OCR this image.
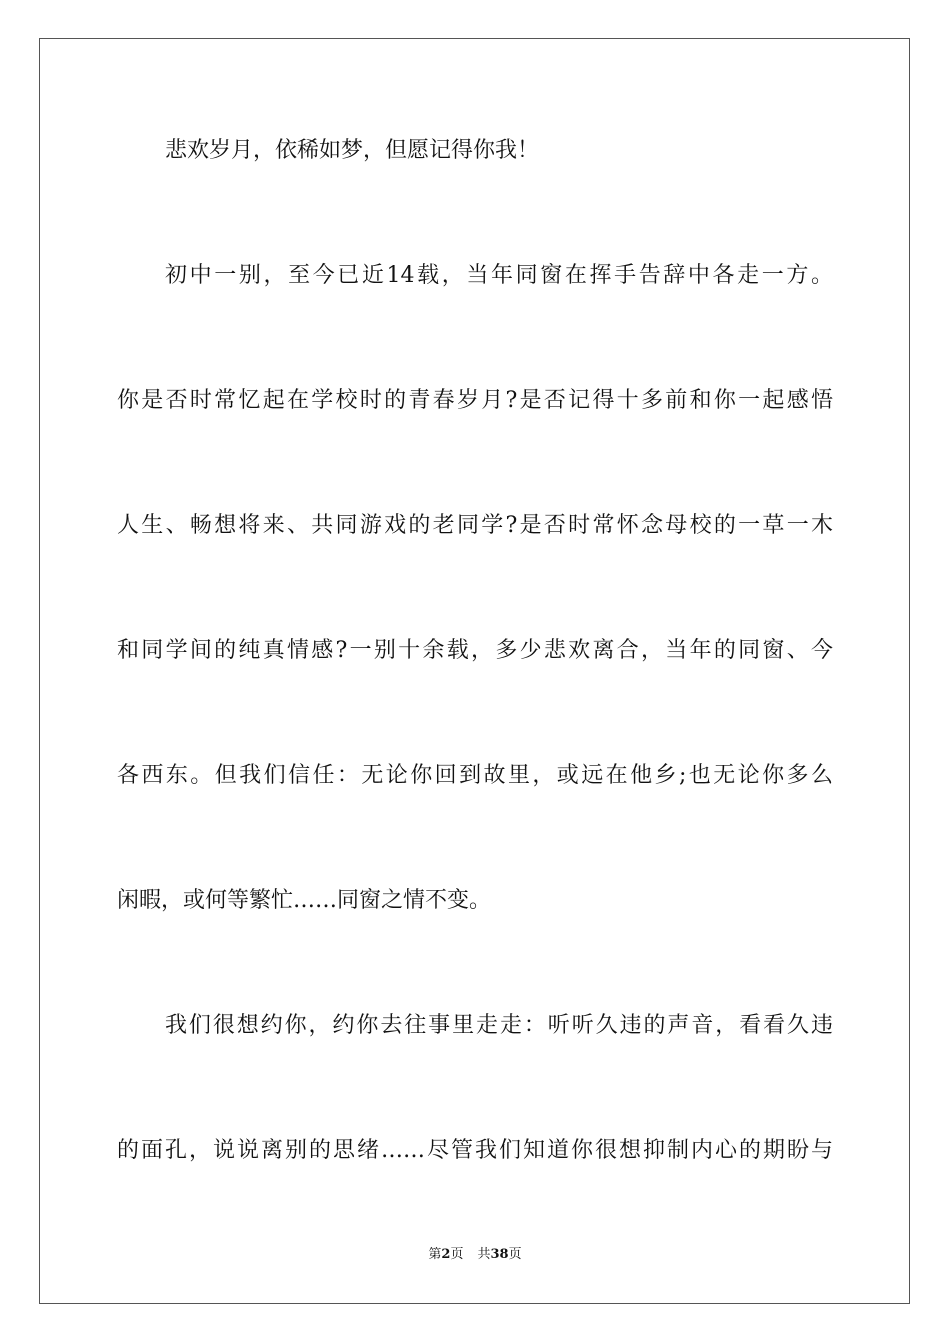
悲欢岁月，依稀如梦，但愿记得你我！
初中一别，至今已近14载，当年同窗在挥手告辞中各走一方。
你是否时常忆起在学校时的青春岁月?是否记得十多前和你一起感悟
人生、畅想将来、共同游戏的老同学?是否时常怀念母校的一草一木
和同学间的纯真情感?一别十余载，多少悲欢离合，当年的同窗、今
各西东。但我们信任：无论你回到故里，或远在他乡;也无论你多么
闲暇，或何等繁忙……同窗之情不变。
我们很想约你，约你去往事里走走：听听久违的声音，看看久违
的面孔，说说离别的思绪……尽管我们知道你很想抑制内心的期盼与
第2页 共38页
